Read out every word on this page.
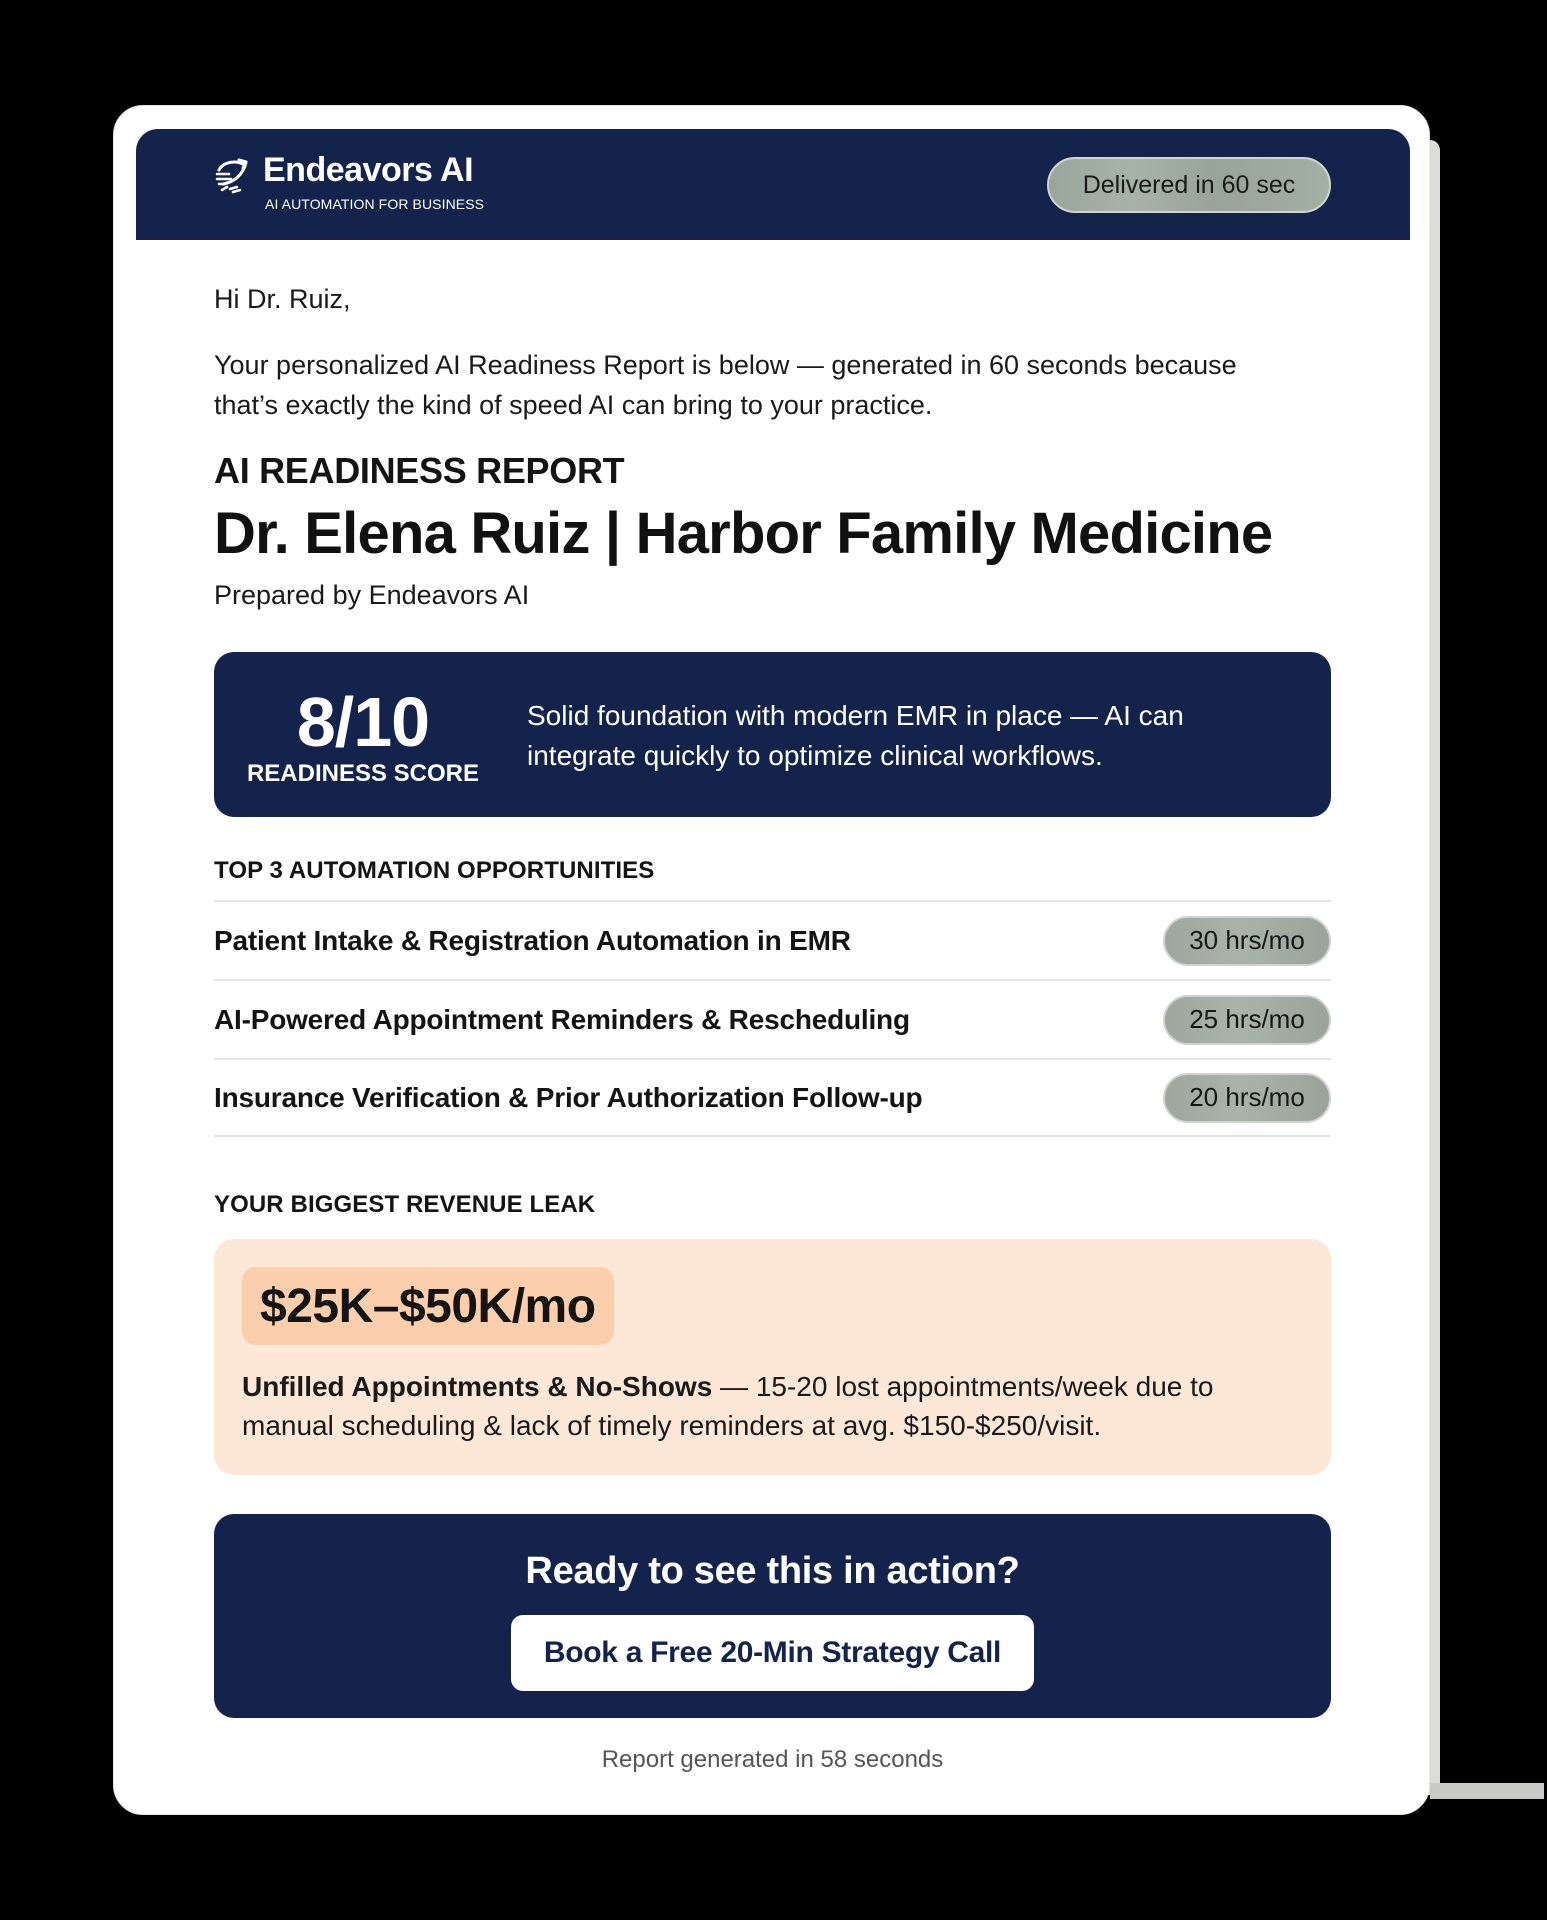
Endeavors AI
AI AUTOMATION FOR BUSINESS
Delivered in 60 sec
Hi Dr. Ruiz,
Your personalized AI Readiness Report is below — generated in 60 seconds because that’s exactly the kind of speed AI can bring to your practice.
AI READINESS REPORT
Dr. Elena Ruiz | Harbor Family Medicine
Prepared by Endeavors AI
8/10
READINESS SCORE
Solid foundation with modern EMR in place — AI can integrate quickly to optimize clinical workflows.
TOP 3 AUTOMATION OPPORTUNITIES
Patient Intake & Registration Automation in EMR	30 hrs/mo
AI-Powered Appointment Reminders & Rescheduling	25 hrs/mo
Insurance Verification & Prior Authorization Follow-up	20 hrs/mo
YOUR BIGGEST REVENUE LEAK
$25K–$50K/mo
Unfilled Appointments & No-Shows — 15-20 lost appointments/week due to manual scheduling & lack of timely reminders at avg. $150-$250/visit.
Ready to see this in action?
Book a Free 20-Min Strategy Call
Report generated in 58 seconds
